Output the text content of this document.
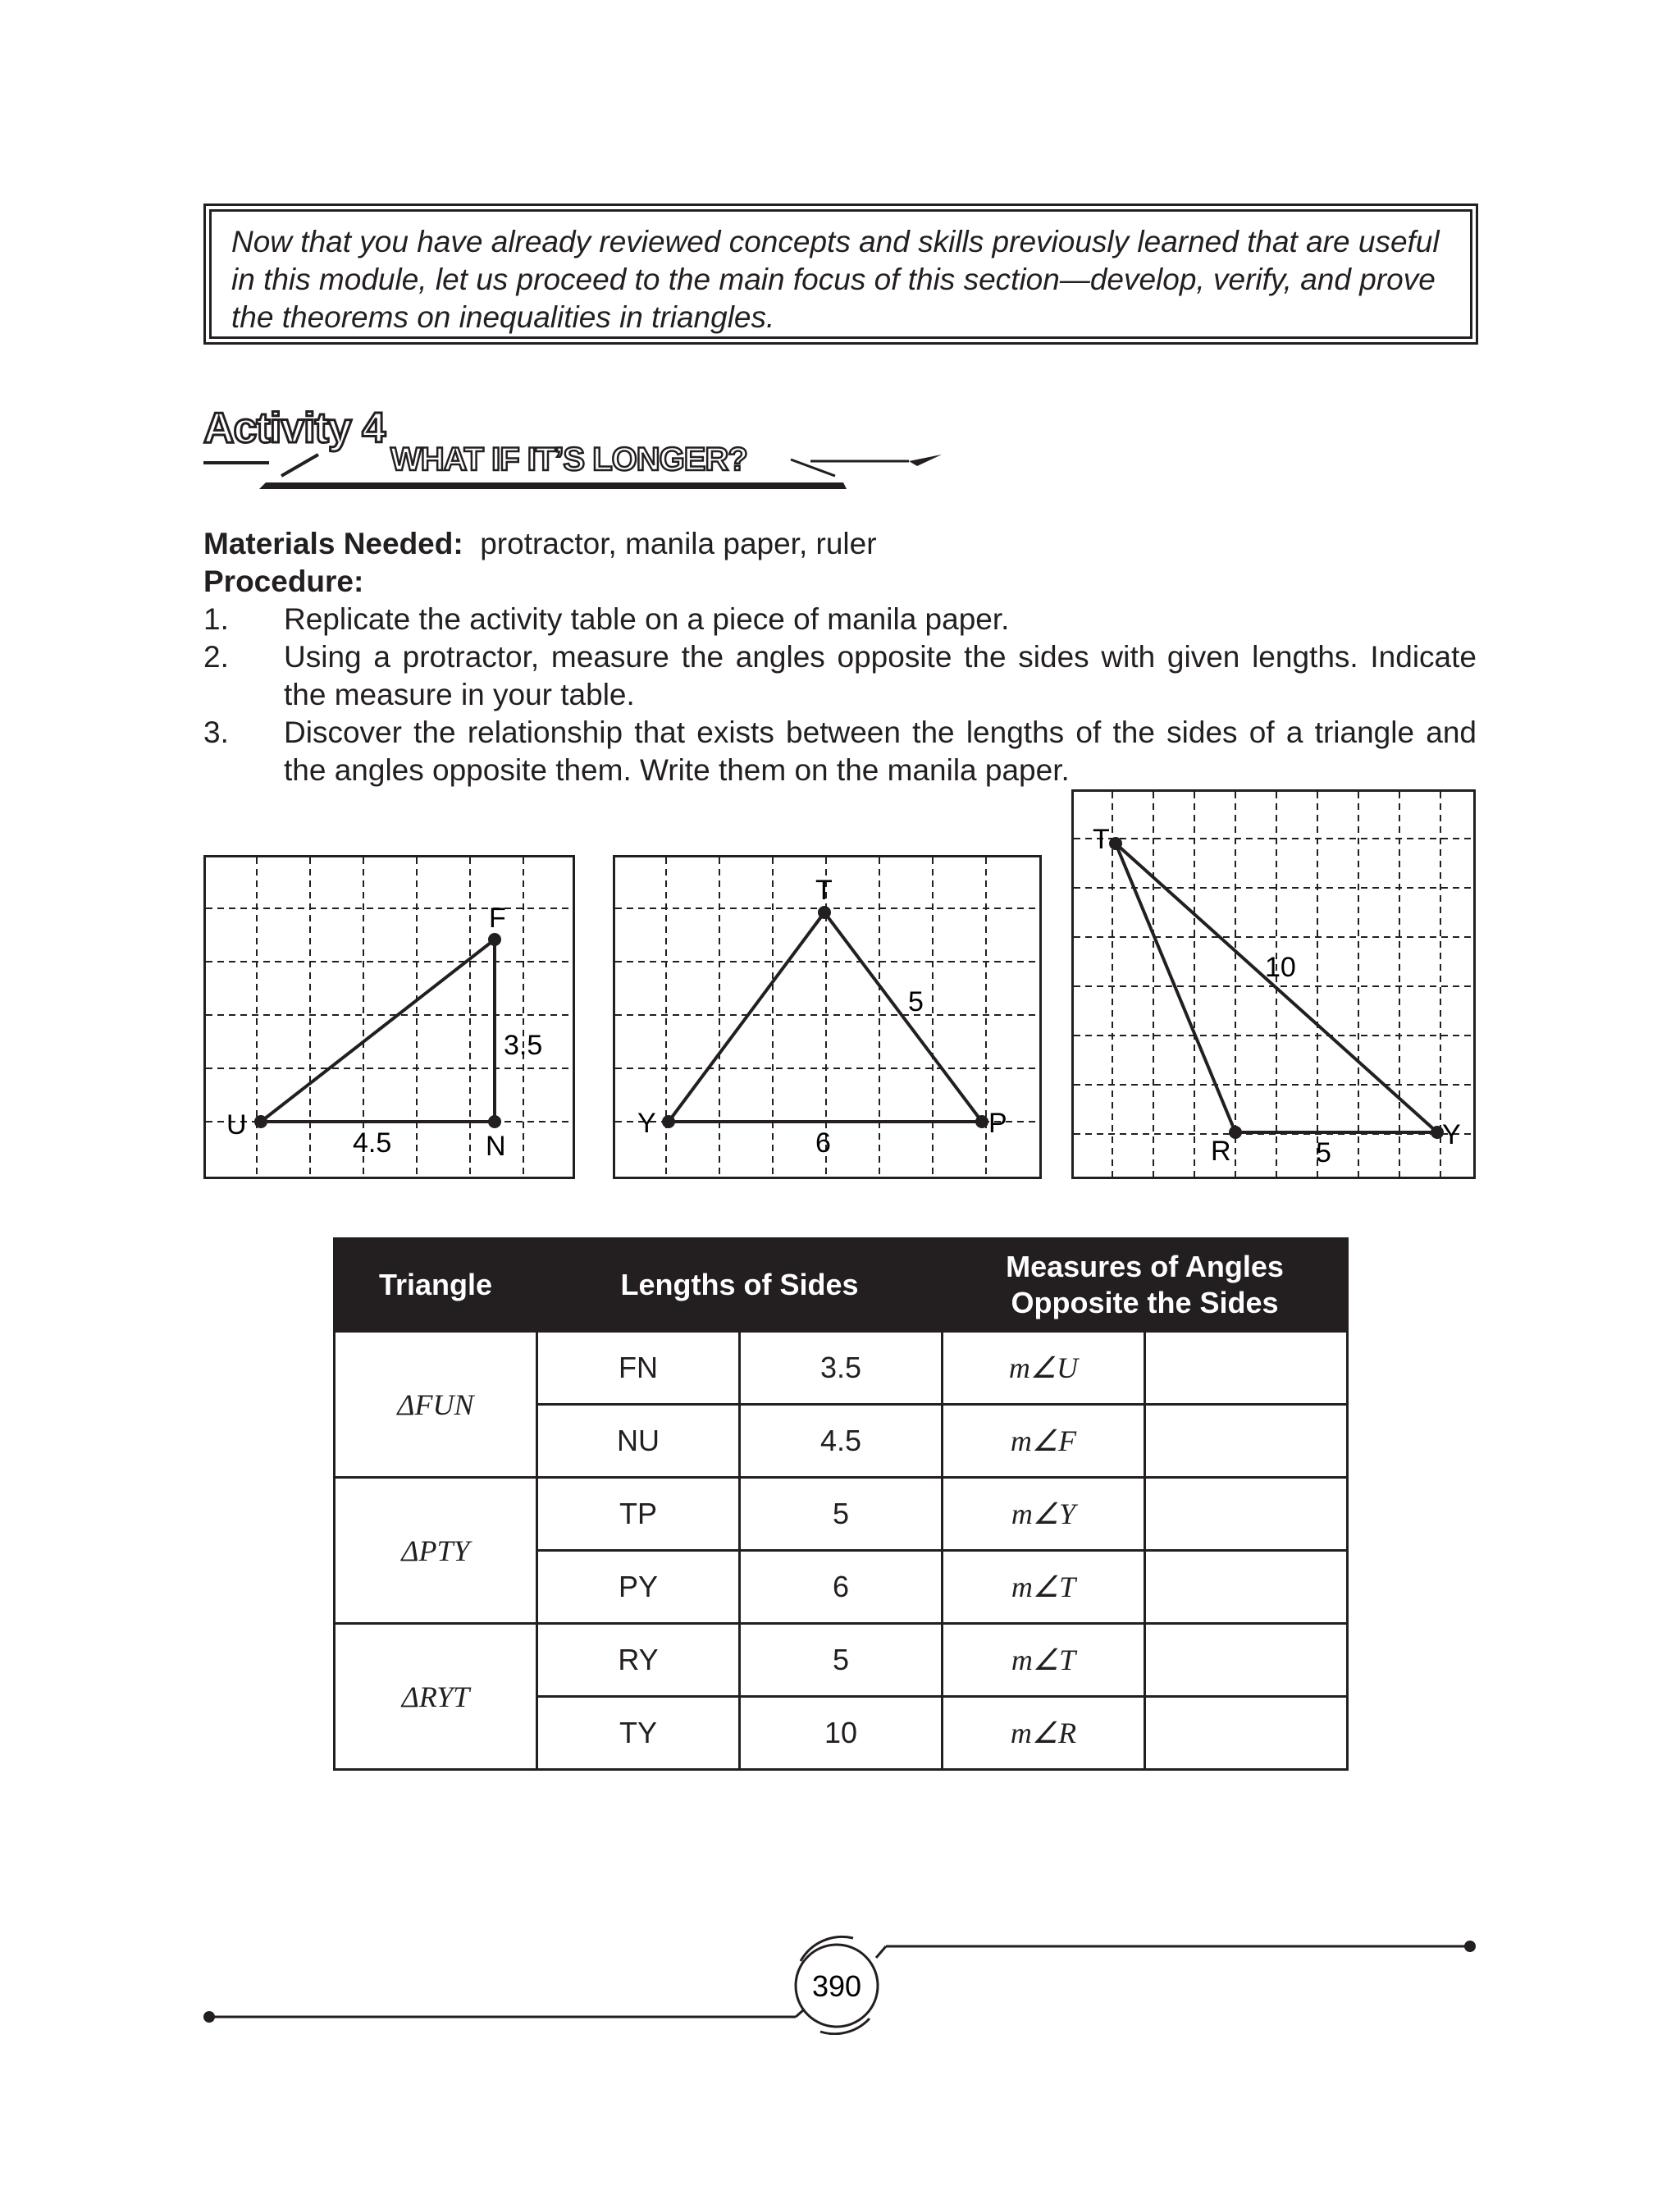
Now that you have already reviewed concepts and skills previously learned that are useful
in this module, let us proceed to the main focus of this section—develop, verify, and prove
the theorems on inequalities in triangles.
Activity 4
WHAT IF IT’S LONGER?
Materials Needed: protractor, manila paper, ruler
Procedure:
1.	Replicate the activity table on a piece of manila paper.
2.	Using a protractor, measure the angles opposite the sides with given lengths. Indicate the measure in your table.
3.	Discover the relationship that exists between the lengths of the sides of a triangle and the angles opposite them. Write them on the manila paper.
U
F
N
3.5
4.5
T
Y	P
5
6
T
R
Y
10
5
Triangle	Lengths of Sides		Measures of Angles
Opposite the Sides	

ΔFUN	FN	3.5	m∠U	
	NU	4.5	m∠F	
ΔPTY	TP	5	m∠Y	
	PY	6	m∠T	
ΔRYT	RY	5	m∠T	
	TY	10	m∠R	
390
